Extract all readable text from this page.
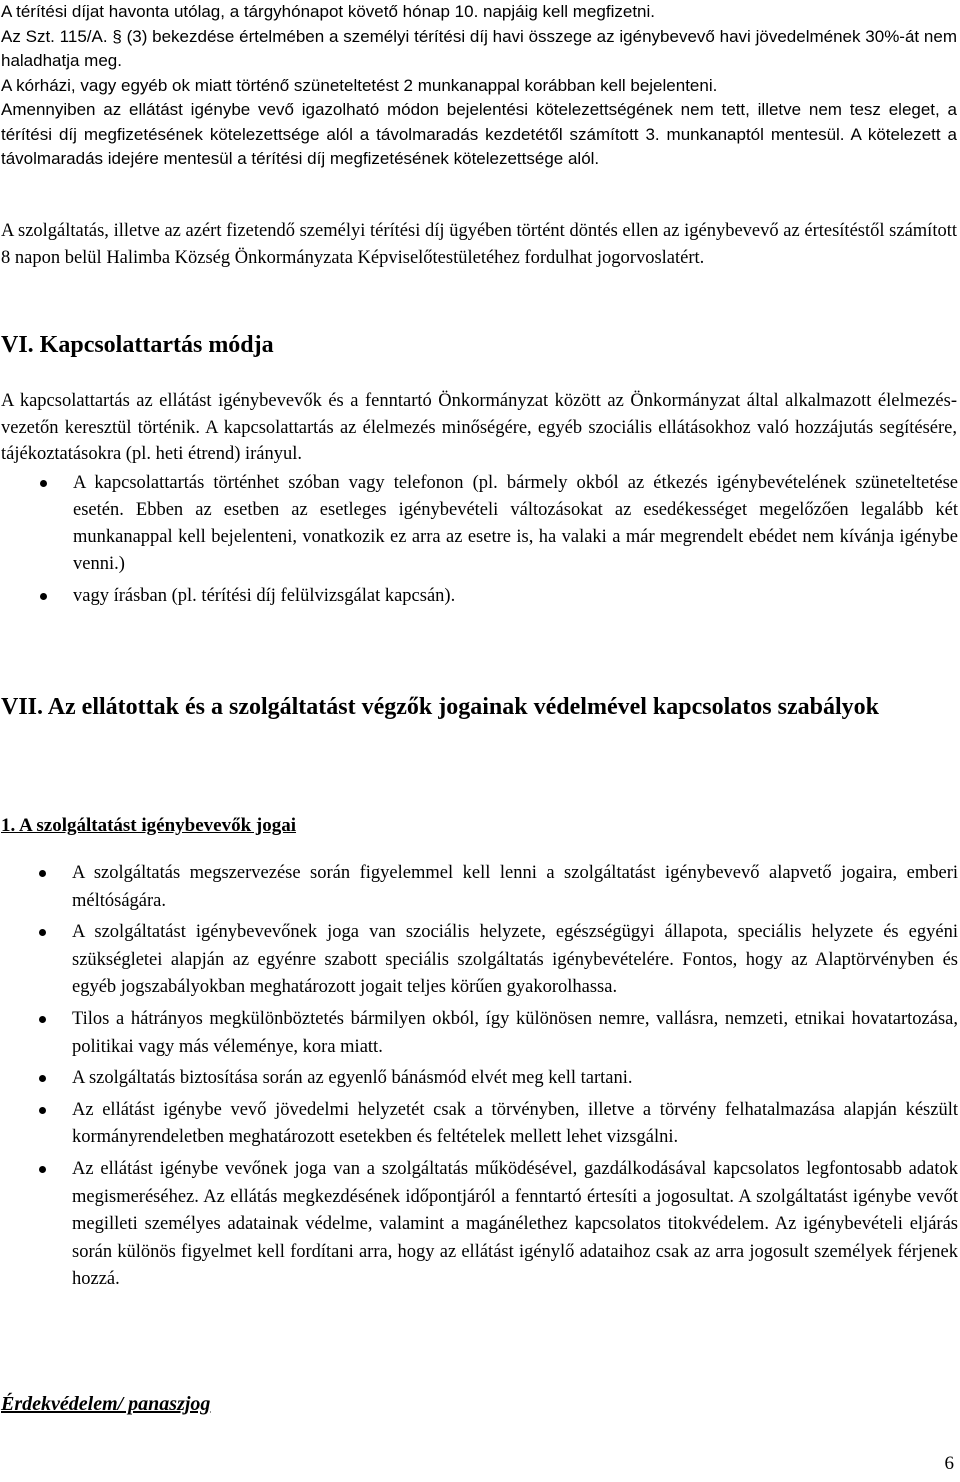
A térítési díjat havonta utólag, a tárgyhónapot követő hónap 10. napjáig kell megfizetni.
Az Szt. 115/A. § (3) bekezdése értelmében a személyi térítési díj havi összege az igénybevevő havi jövedelmének 30%-át nem haladhatja meg.
A kórházi, vagy egyéb ok miatt történő szüneteltetést 2 munkanappal korábban kell bejelenteni.
Amennyiben az ellátást igénybe vevő igazolható módon bejelentési kötelezettségének nem tett, illetve nem tesz eleget, a térítési díj megfizetésének kötelezettsége alól a távolmaradás kezdetétől számított 3. munkanaptól mentesül. A kötelezett a távolmaradás idejére mentesül a térítési díj megfizetésének kötelezettsége alól.
A szolgáltatás, illetve az azért fizetendő személyi térítési díj ügyében történt döntés ellen az igénybevevő az értesítéstől számított 8 napon belül Halimba Község Önkormányzata Képviselőtestületéhez fordulhat jogorvoslatért.
VI. Kapcsolattartás módja
A kapcsolattartás az ellátást igénybevevők és a fenntartó Önkormányzat között az Önkormányzat által alkalmazott élelmezés-vezetőn keresztül történik. A kapcsolattartás az élelmezés minőségére, egyéb szociális ellátásokhoz való hozzájutás segítésére, tájékoztatásokra (pl. heti étrend) irányul.
A kapcsolattartás történhet szóban vagy telefonon (pl. bármely okból az étkezés igénybevételének szüneteltetése esetén. Ebben az esetben az esetleges igénybevételi változásokat az esedékességet megelőzően legalább két munkanappal kell bejelenteni, vonatkozik ez arra az esetre is, ha valaki a már megrendelt ebédet nem kívánja igénybe venni.)
vagy írásban (pl. térítési díj felülvizsgálat kapcsán).
VII. Az ellátottak és a szolgáltatást végzők jogainak védelmével kapcsolatos szabályok
1. A szolgáltatást igénybevevők jogai
A szolgáltatás megszervezése során figyelemmel kell lenni a szolgáltatást igénybevevő alapvető jogaira, emberi méltóságára.
A szolgáltatást igénybevevőnek joga van szociális helyzete, egészségügyi állapota, speciális helyzete és egyéni szükségletei alapján az egyénre szabott speciális szolgáltatás igénybevételére. Fontos, hogy az Alaptörvényben és egyéb jogszabályokban meghatározott jogait teljes körűen gyakorolhassa.
Tilos a hátrányos megkülönböztetés bármilyen okból, így különösen nemre, vallásra, nemzeti, etnikai hovatartozása, politikai vagy más véleménye, kora miatt.
A szolgáltatás biztosítása során az egyenlő bánásmód elvét meg kell tartani.
Az ellátást igénybe vevő jövedelmi helyzetét csak a törvényben, illetve a törvény felhatalmazása alapján készült kormányrendeletben meghatározott esetekben és feltételek mellett lehet vizsgálni.
Az ellátást igénybe vevőnek joga van a szolgáltatás működésével, gazdálkodásával kapcsolatos legfontosabb adatok megismeréséhez. Az ellátás megkezdésének időpontjáról a fenntartó értesíti a jogosultat. A szolgáltatást igénybe vevőt megilleti személyes adatainak védelme, valamint a magánélethez kapcsolatos titokvédelem. Az igénybevételi eljárás során különös figyelmet kell fordítani arra, hogy az ellátást igénylő adataihoz csak az arra jogosult személyek férjenek hozzá.
Érdekvédelem/ panaszjog
6
